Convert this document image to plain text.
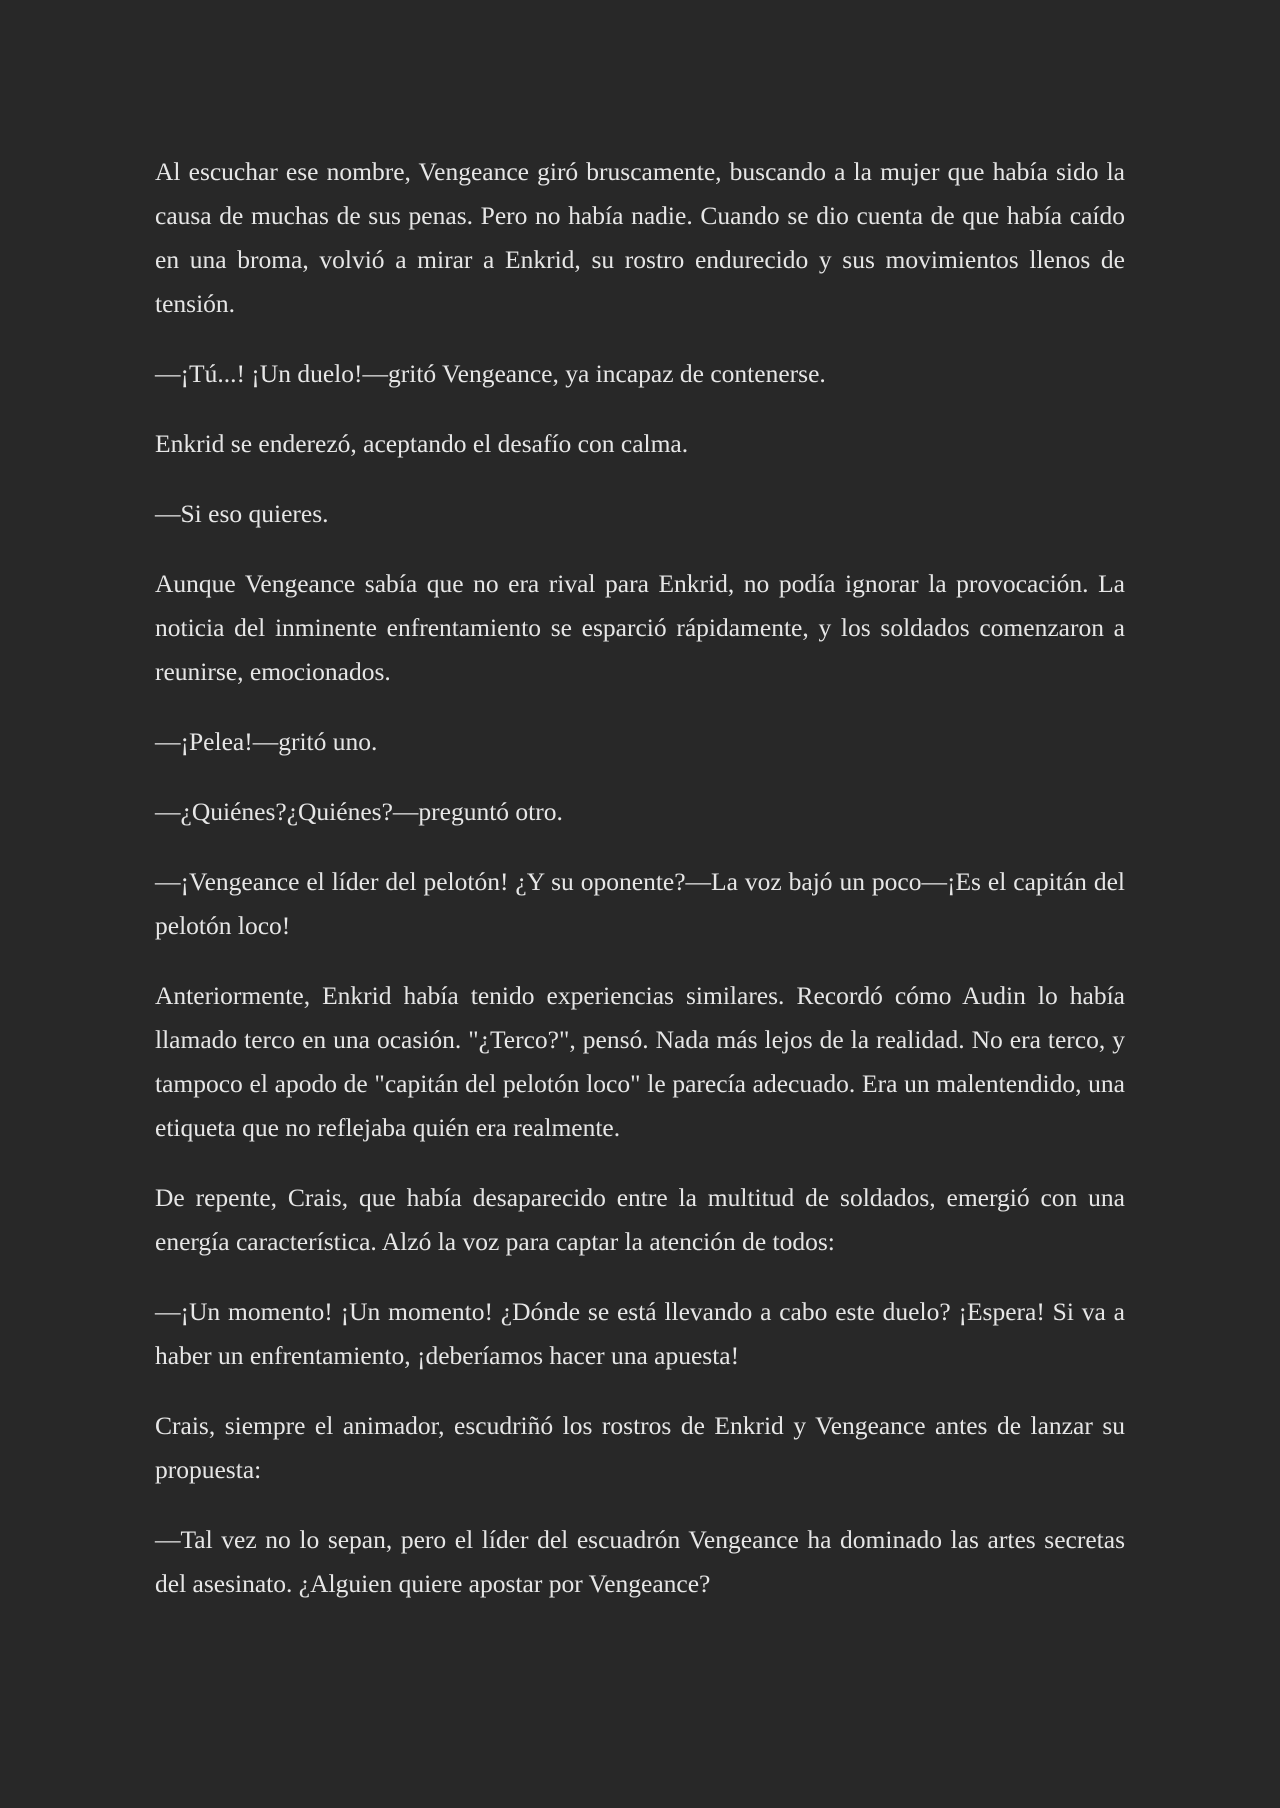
Al escuchar ese nombre, Vengeance giró bruscamente, buscando a la mujer que había sido la causa de muchas de sus penas. Pero no había nadie. Cuando se dio cuenta de que había caído en una broma, volvió a mirar a Enkrid, su rostro endurecido y sus movimientos llenos de tensión.

—¡Tú...! ¡Un duelo!—gritó Vengeance, ya incapaz de contenerse.

Enkrid se enderezó, aceptando el desafío con calma.

—Si eso quieres.

Aunque Vengeance sabía que no era rival para Enkrid, no podía ignorar la provocación. La noticia del inminente enfrentamiento se esparció rápidamente, y los soldados comenzaron a reunirse, emocionados.

—¡Pelea!—gritó uno.

—¿Quiénes?¿Quiénes?—preguntó otro.

—¡Vengeance el líder del pelotón! ¿Y su oponente?—La voz bajó un poco—¡Es el capitán del pelotón loco!

Anteriormente, Enkrid había tenido experiencias similares. Recordó cómo Audin lo había llamado terco en una ocasión. "¿Terco?", pensó. Nada más lejos de la realidad. No era terco, y tampoco el apodo de "capitán del pelotón loco" le parecía adecuado. Era un malentendido, una etiqueta que no reflejaba quién era realmente.

De repente, Crais, que había desaparecido entre la multitud de soldados, emergió con una energía característica. Alzó la voz para captar la atención de todos:

—¡Un momento! ¡Un momento! ¿Dónde se está llevando a cabo este duelo? ¡Espera! Si va a haber un enfrentamiento, ¡deberíamos hacer una apuesta!

Crais, siempre el animador, escudriñó los rostros de Enkrid y Vengeance antes de lanzar su propuesta:

—Tal vez no lo sepan, pero el líder del escuadrón Vengeance ha dominado las artes secretas del asesinato. ¿Alguien quiere apostar por Vengeance?
